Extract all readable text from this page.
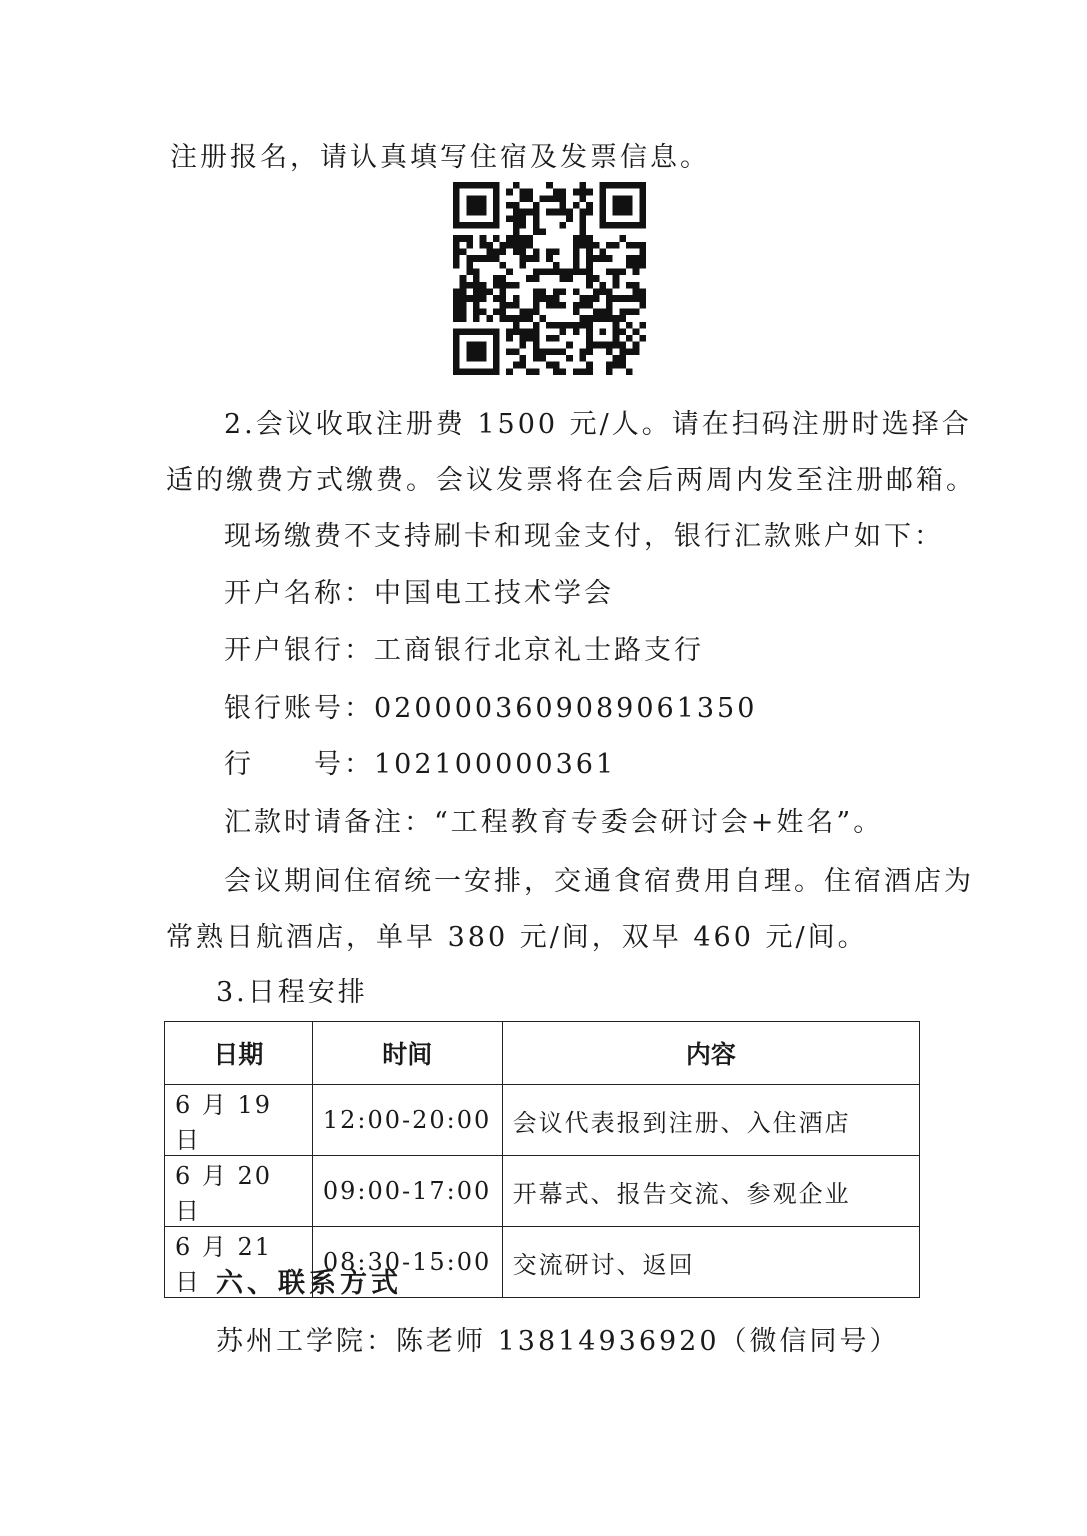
注册报名，请认真填写住宿及发票信息。
2.会议收取注册费 1500 元/人。请在扫码注册时选择合
适的缴费方式缴费。会议发票将在会后两周内发至注册邮箱。
现场缴费不支持刷卡和现金支付，银行汇款账户如下：
开户名称：中国电工技术学会
开户银行：工商银行北京礼士路支行
银行账号：0200003609089061350
行　　号：102100000361
汇款时请备注：“工程教育专委会研讨会+姓名”。
会议期间住宿统一安排，交通食宿费用自理。住宿酒店为
常熟日航酒店，单早 380 元/间，双早 460 元/间。
3.日程安排
日期	时间	内容
6 月 19 日	12:00-20:00	会议代表报到注册、入住酒店
6 月 20 日	09:00-17:00	开幕式、报告交流、参观企业
6 月 21 日	08:30-15:00	交流研讨、返回
六、联系方式
苏州工学院：陈老师 13814936920（微信同号）
